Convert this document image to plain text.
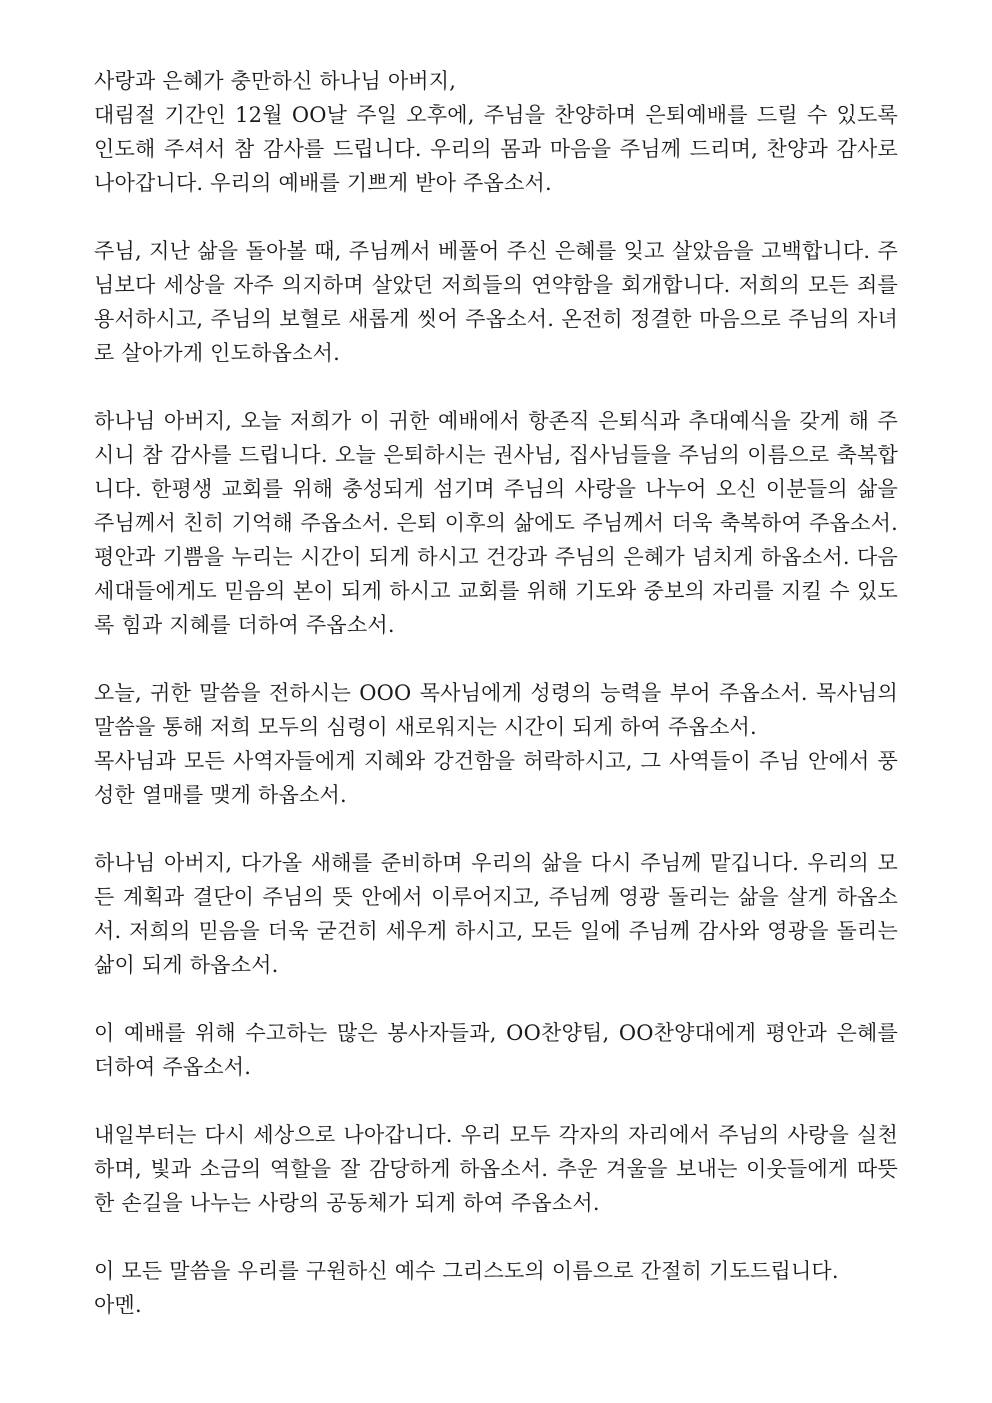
사랑과 은혜가 충만하신 하나님 아버지,
대림절 기간인 12월 OO날 주일 오후에, 주님을 찬양하며 은퇴예배를 드릴 수 있도록 인도해 주셔서 참 감사를 드립니다. 우리의 몸과 마음을 주님께 드리며, 찬양과 감사로 나아갑니다. 우리의 예배를 기쁘게 받아 주옵소서.

주님, 지난 삶을 돌아볼 때, 주님께서 베풀어 주신 은혜를 잊고 살았음을 고백합니다. 주님보다 세상을 자주 의지하며 살았던 저희들의 연약함을 회개합니다. 저희의 모든 죄를 용서하시고, 주님의 보혈로 새롭게 씻어 주옵소서. 온전히 정결한 마음으로 주님의 자녀로 살아가게 인도하옵소서.

하나님 아버지, 오늘 저희가 이 귀한 예배에서 항존직 은퇴식과 추대예식을 갖게 해 주시니 참 감사를 드립니다. 오늘 은퇴하시는 권사님, 집사님들을 주님의 이름으로 축복합니다. 한평생 교회를 위해 충성되게 섬기며 주님의 사랑을 나누어 오신 이분들의 삶을 주님께서 친히 기억해 주옵소서. 은퇴 이후의 삶에도 주님께서 더욱 축복하여 주옵소서. 평안과 기쁨을 누리는 시간이 되게 하시고 건강과 주님의 은혜가 넘치게 하옵소서. 다음 세대들에게도 믿음의 본이 되게 하시고 교회를 위해 기도와 중보의 자리를 지킬 수 있도록 힘과 지혜를 더하여 주옵소서.

오늘, 귀한 말씀을 전하시는 OOO 목사님에게 성령의 능력을 부어 주옵소서. 목사님의 말씀을 통해 저희 모두의 심령이 새로워지는 시간이 되게 하여 주옵소서.
목사님과 모든 사역자들에게 지혜와 강건함을 허락하시고, 그 사역들이 주님 안에서 풍성한 열매를 맺게 하옵소서.

하나님 아버지, 다가올 새해를 준비하며 우리의 삶을 다시 주님께 맡깁니다. 우리의 모든 계획과 결단이 주님의 뜻 안에서 이루어지고, 주님께 영광 돌리는 삶을 살게 하옵소서. 저희의 믿음을 더욱 굳건히 세우게 하시고, 모든 일에 주님께 감사와 영광을 돌리는 삶이 되게 하옵소서.

이 예배를 위해 수고하는 많은 봉사자들과, OO찬양팀, OO찬양대에게 평안과 은혜를 더하여 주옵소서.

내일부터는 다시 세상으로 나아갑니다. 우리 모두 각자의 자리에서 주님의 사랑을 실천하며, 빛과 소금의 역할을 잘 감당하게 하옵소서. 추운 겨울을 보내는 이웃들에게 따뜻한 손길을 나누는 사랑의 공동체가 되게 하여 주옵소서.

이 모든 말씀을 우리를 구원하신 예수 그리스도의 이름으로 간절히 기도드립니다.
아멘.
